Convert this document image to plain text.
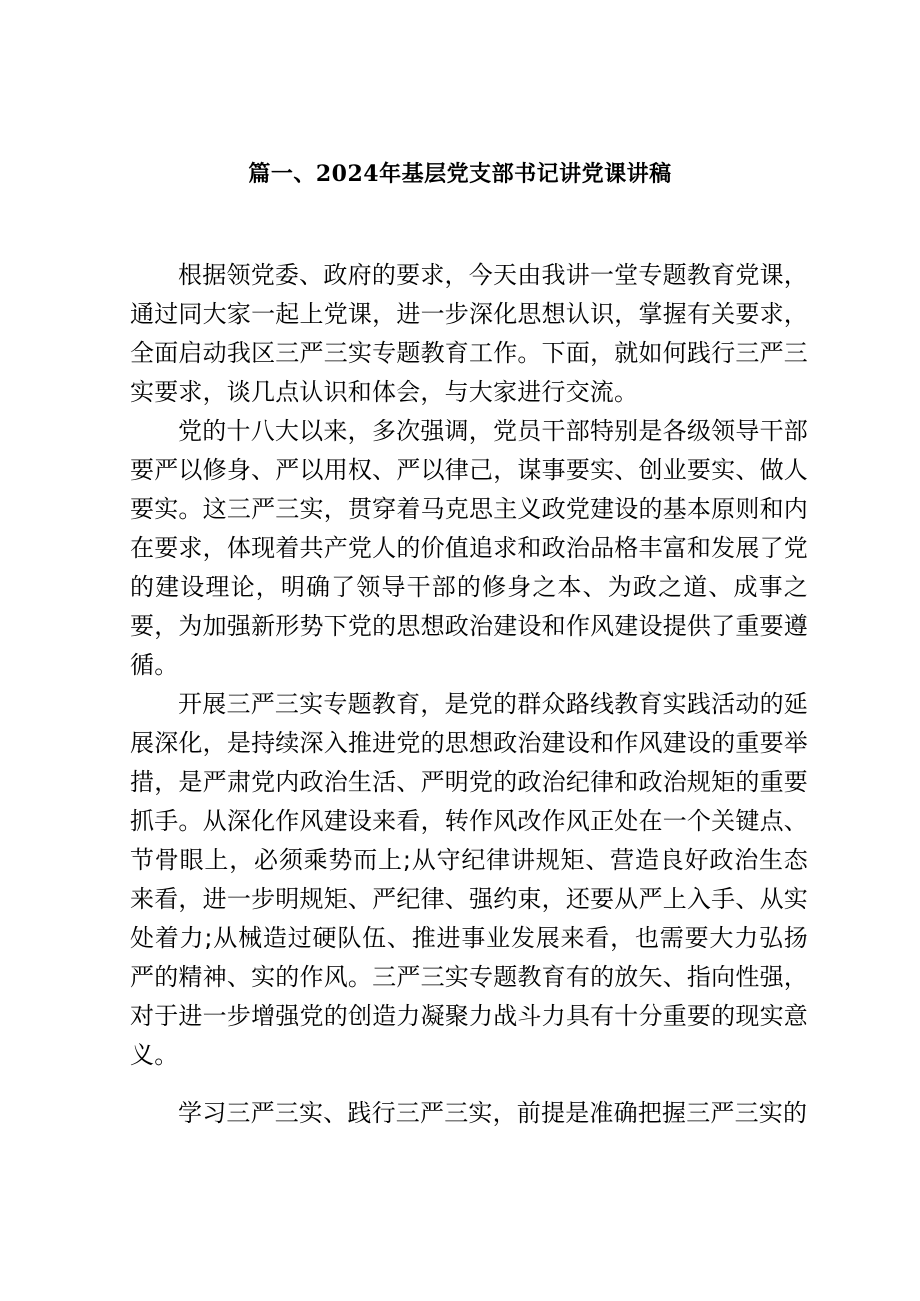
篇一、2024年基层党支部书记讲党课讲稿

根据领党委、政府的要求，今天由我讲一堂专题教育党课，通过同大家一起上党课，进一步深化思想认识，掌握有关要求，全面启动我区三严三实专题教育工作。下面，就如何践行三严三实要求，谈几点认识和体会，与大家进行交流。

党的十八大以来，多次强调，党员干部特别是各级领导干部要严以修身、严以用权、严以律己，谋事要实、创业要实、做人要实。这三严三实，贯穿着马克思主义政党建设的基本原则和内在要求，体现着共产党人的价值追求和政治品格丰富和发展了党的建设理论，明确了领导干部的修身之本、为政之道、成事之要，为加强新形势下党的思想政治建设和作风建设提供了重要遵循。

开展三严三实专题教育，是党的群众路线教育实践活动的延展深化，是持续深入推进党的思想政治建设和作风建设的重要举措，是严肃党内政治生活、严明党的政治纪律和政治规矩的重要抓手。从深化作风建设来看，转作风改作风正处在一个关键点、节骨眼上，必须乘势而上;从守纪律讲规矩、营造良好政治生态来看，进一步明规矩、严纪律、强约束，还要从严上入手、从实处着力;从械造过硬队伍、推进事业发展来看，也需要大力弘扬严的精神、实的作风。三严三实专题教育有的放矢、指向性强，对于进一步增强党的创造力凝聚力战斗力具有十分重要的现实意义。

学习三严三实、践行三严三实，前提是准确把握三严三实的
